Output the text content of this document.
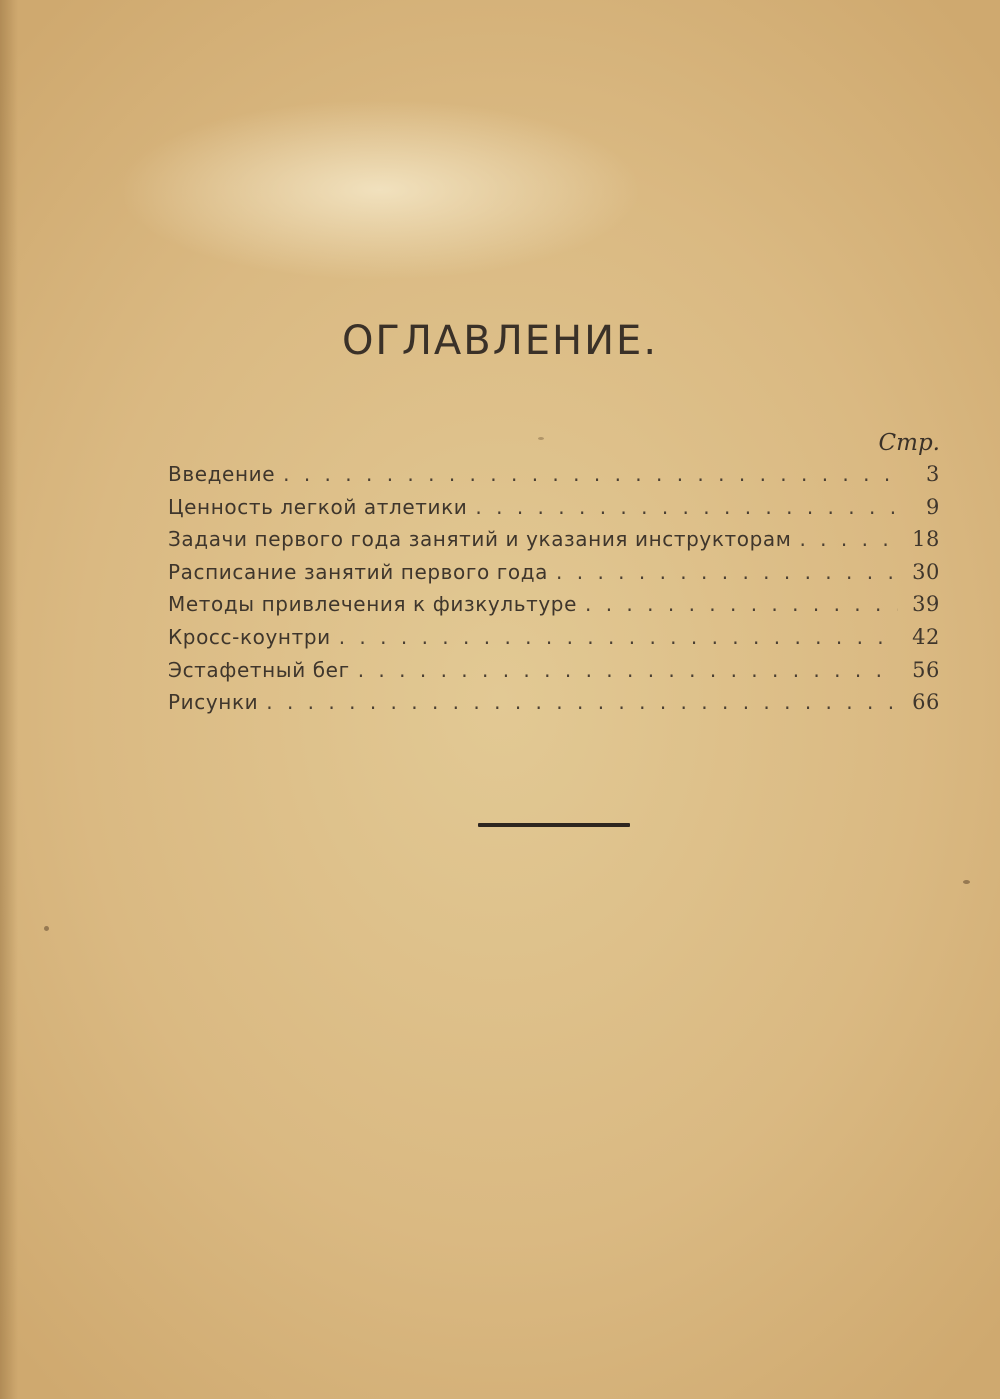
ОГЛАВЛЕНИЕ.
Стр.
Введение . . .	3
Ценность легкой атлетики . . .	9
Задачи первого года занятий и указания инструкторам . . .	18
Расписание занятий первого года . . .	30
Методы привлечения к физкультуре . . .	39
Кросс-коунтри . . .	42
Эстафетный бег . . .	56
Рисунки . . .	66
